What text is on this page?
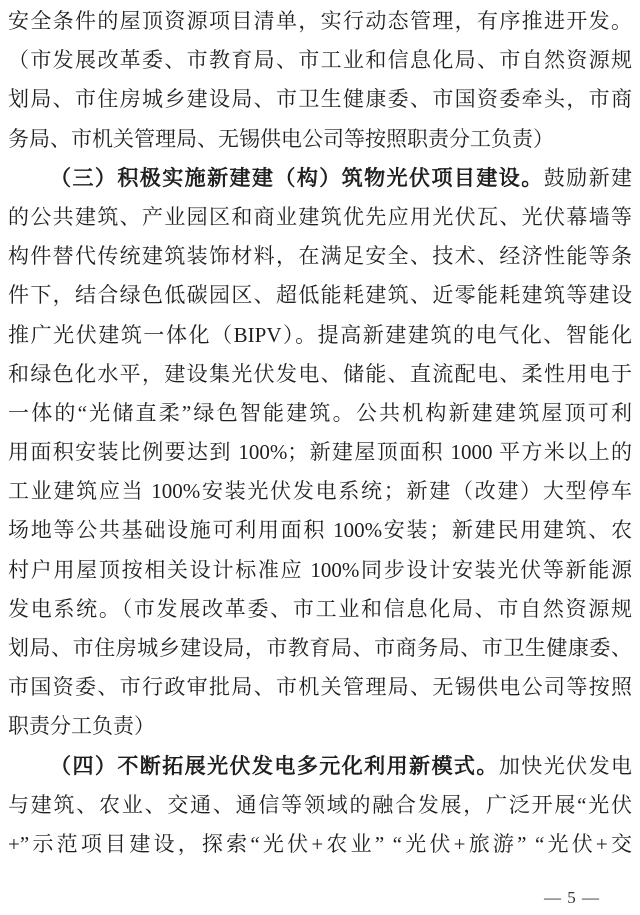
安全条件的屋顶资源项目清单，实行动态管理，有序推进开发。
（市发展改革委、市教育局、市工业和信息化局、市自然资源规
划局、市住房城乡建设局、市卫生健康委、市国资委牵头，市商
务局、市机关管理局、无锡供电公司等按照职责分工负责）
（三）积极实施新建建（构）筑物光伏项目建设。鼓励新建
的公共建筑、产业园区和商业建筑优先应用光伏瓦、光伏幕墙等
构件替代传统建筑装饰材料，在满足安全、技术、经济性能等条
件下，结合绿色低碳园区、超低能耗建筑、近零能耗建筑等建设
推广光伏建筑一体化（BIPV）。提高新建建筑的电气化、智能化
和绿色化水平，建设集光伏发电、储能、直流配电、柔性用电于
一体的“光储直柔”绿色智能建筑。公共机构新建建筑屋顶可利
用面积安装比例要达到 100%；新建屋顶面积 1000 平方米以上的
工业建筑应当 100%安装光伏发电系统；新建（改建）大型停车
场地等公共基础设施可利用面积 100%安装；新建民用建筑、农
村户用屋顶按相关设计标准应 100%同步设计安装光伏等新能源
发电系统。（市发展改革委、市工业和信息化局、市自然资源规
划局、市住房城乡建设局，市教育局、市商务局、市卫生健康委、
市国资委、市行政审批局、市机关管理局、无锡供电公司等按照
职责分工负责）
（四）不断拓展光伏发电多元化利用新模式。加快光伏发电
与建筑、农业、交通、通信等领域的融合发展，广泛开展“光伏
+”示范项目建设，探索“光伏+农业” “光伏+旅游” “光伏+交
— 5 —
